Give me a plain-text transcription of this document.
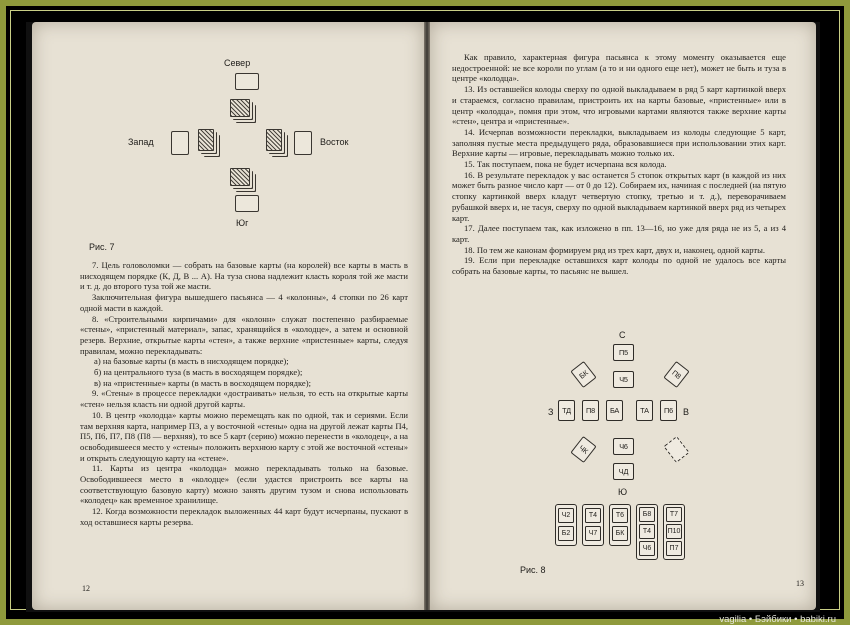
Север
Запад	Восток
Юг
Рис. 7

7. Цель головоломки — собрать на базовые карты (на королей) все карты в масть в нисходящем порядке (К, Д, В ... А). На туза снова надлежит класть короля той же масти и т. д. до второго туза той же масти.

Заключительная фигура вышедшего пасьянса — 4 «колонны», 4 стопки по 26 карт одной масти в каждой.

8. «Строительными кирпичами» для «колонн» служат постепенно разбираемые «стены», «пристенный материал», запас, хранящийся в «колодце», а затем и основной резерв. Верхние, открытые карты «стен», а также верхние «пристенные» карты, следуя правилам, можно перекладывать:

а) на базовые карты (в масть в нисходящем порядке);

б) на центрального туза (в масть в восходящем порядке);

в) на «пристенные» карты (в масть в восходящем порядке);

9. «Стены» в процессе перекладки «достраивать» нельзя, то есть на открытые карты «стен» нельзя класть ни одной другой карты.

10. В центр «колодца» карты можно перемещать как по одной, так и сериями. Если там верхняя карта, например П3, а у восточной «стены» одна на другой лежат карты П4, П5, П6, П7, П8 (П8 — верхняя), то все 5 карт (серию) можно перенести в «колодец», а на освободившееся место у «стены» положить верхнюю карту с этой же восточной «стены» и открыть следующую карту на «стене».

11. Карты из центра «колодца» можно перекладывать только на базовые. Освободившееся место в «колодце» (если удастся пристроить все карты на соответствующую базовую карту) можно занять другим тузом и снова использовать «колодец» как временное хранилище.

12. Когда возможности перекладок выложенных 44 карт будут исчерпаны, пускают в ход оставшиеся карты резерва.

12

Как правило, характерная фигура пасьянса к этому моменту оказывается еще недостроенной: не все короли по углам (а то и ни одного еще нет), может не быть и туза в центре «колодца».

13. Из оставшейся колоды сверху по одной выкладываем в ряд 5 карт картинкой вверх и стараемся, согласно правилам, пристроить их на карты базовые, «пристенные» или в центр «колодца», помня при этом, что игровыми картами являются также верхние карты «стен», центра и «пристенные».

14. Исчерпав возможности перекладки, выкладываем из колоды следующие 5 карт, заполняя пустые места предыдущего ряда, образовавшиеся при использовании этих карт. Верхние карты — игровые, перекладывать можно только их.

15. Так поступаем, пока не будет исчерпана вся колода.

16. В результате перекладок у вас останется 5 стопок открытых карт (в каждой из них может быть разное число карт — от 0 до 12). Собираем их, начиная с последней (на пятую стопку картинкой вверх кладут четвертую стопку, третью и т. д.), переворачиваем рубашкой вверх и, не тасуя, сверху по одной выкладываем картинкой вверх ряд из четырех карт.

17. Далее поступаем так, как изложено в пп. 13—16, но уже для ряда не из 5, а из 4 карт.

18. По тем же канонам формируем ряд из трех карт, двух и, наконец, одной карты.

19. Если при перекладке оставшихся карт колоды по одной не удалось все карты собрать на базовые карты, то пасьянс не вышел.

С
П5
БК	Ч5	П8
З	ТД	П8	БА	ТА	П6	В
ЧК	Ч6
ЧД
Ю
Ч2
Б2
Т4
Ч7
Т6
БК
Б8
Т4
Ч6
Т7
П10
П7
Рис. 8
13
vagilia • Бэйбики • babiki.ru
